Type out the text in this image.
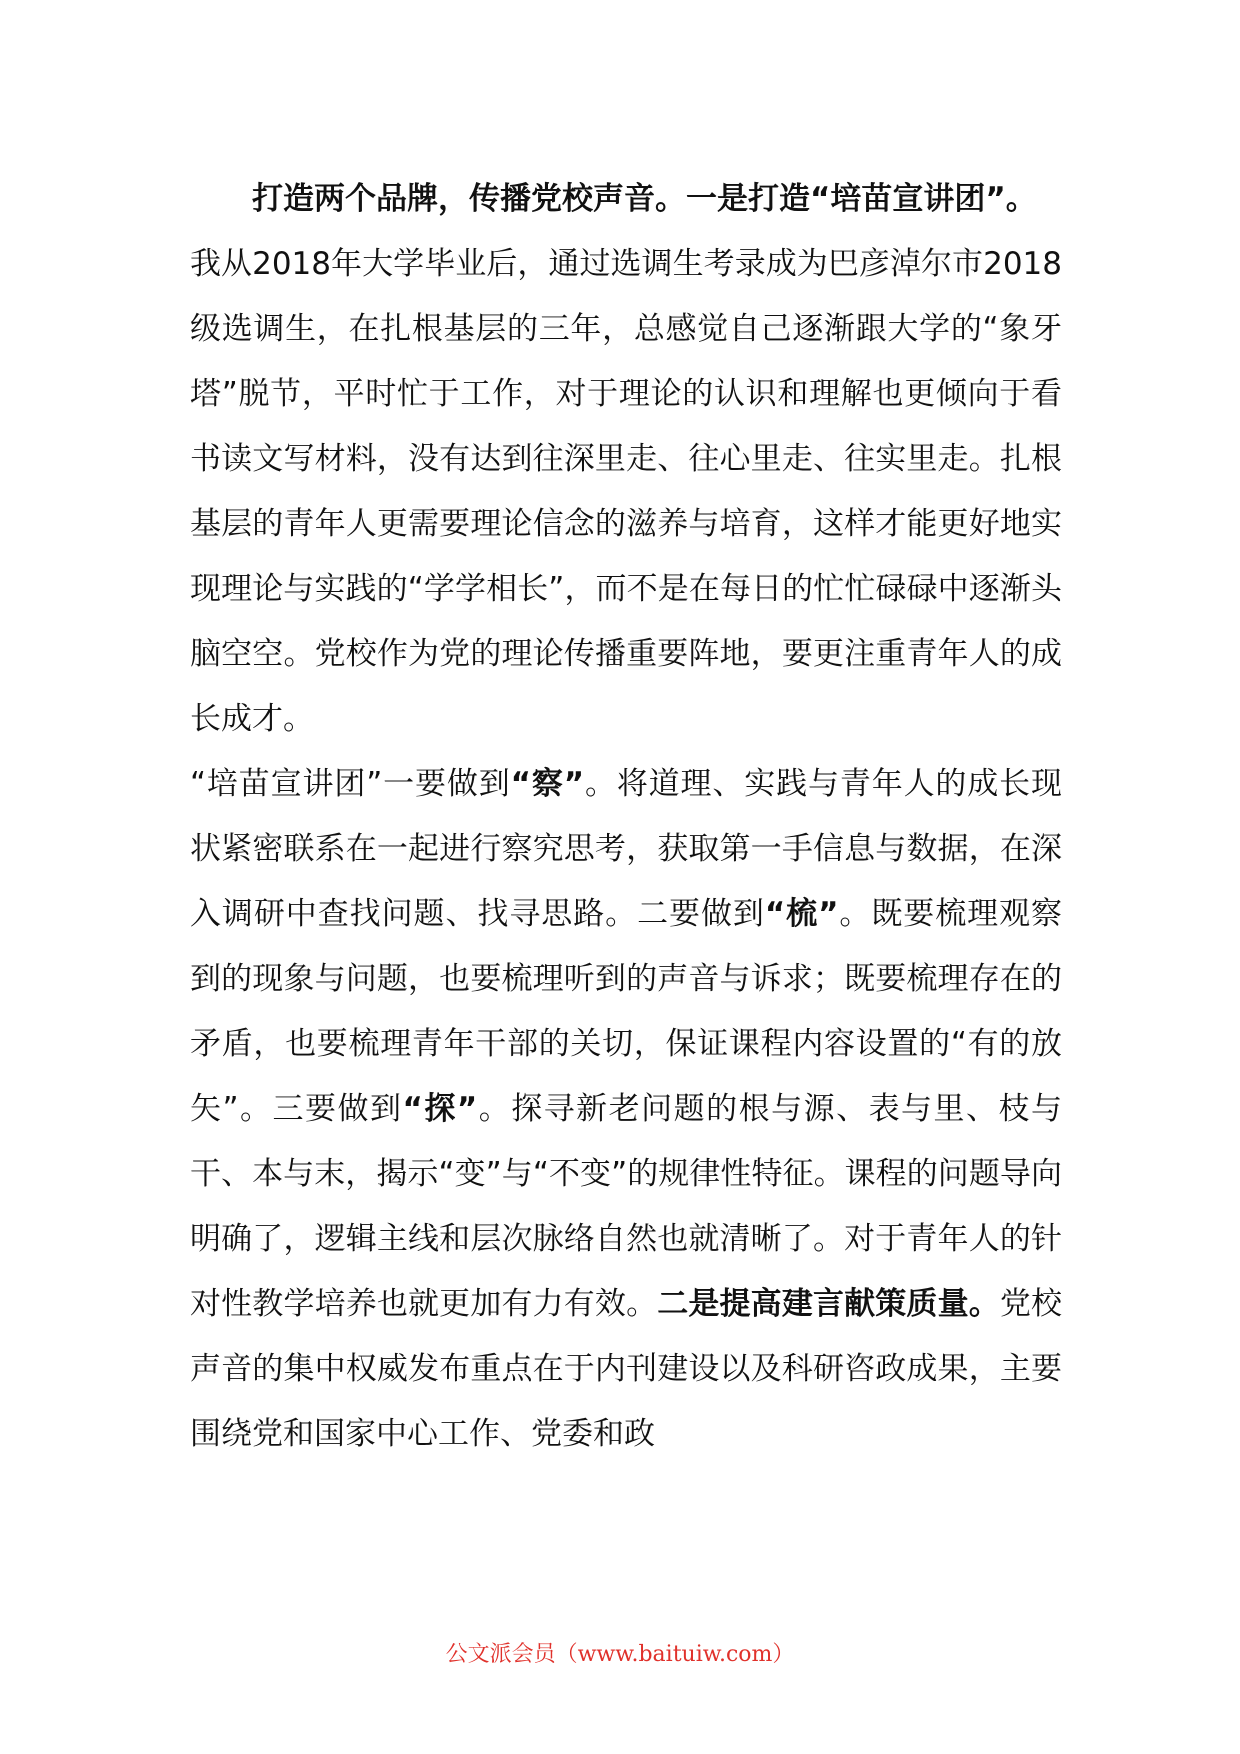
打造两个品牌，传播党校声音。一是打造“培苗宣讲团”。

我从2018年大学毕业后，通过选调生考录成为巴彦淖尔市2018级选调生，在扎根基层的三年，总感觉自己逐渐跟大学的“象牙塔”脱节，平时忙于工作，对于理论的认识和理解也更倾向于看书读文写材料，没有达到往深里走、往心里走、往实里走。扎根基层的青年人更需要理论信念的滋养与培育，这样才能更好地实现理论与实践的“学学相长”，而不是在每日的忙忙碌碌中逐渐头脑空空。党校作为党的理论传播重要阵地，要更注重青年人的成长成才。

“培苗宣讲团”一要做到“察”。将道理、实践与青年人的成长现状紧密联系在一起进行察究思考，获取第一手信息与数据，在深入调研中查找问题、找寻思路。二要做到“梳”。既要梳理观察到的现象与问题，也要梳理听到的声音与诉求；既要梳理存在的矛盾，也要梳理青年干部的关切，保证课程内容设置的“有的放矢”。三要做到“探”。探寻新老问题的根与源、表与里、枝与干、本与末，揭示“变”与“不变”的规律性特征。课程的问题导向明确了，逻辑主线和层次脉络自然也就清晰了。对于青年人的针对性教学培养也就更加有力有效。二是提高建言献策质量。党校声音的集中权威发布重点在于内刊建设以及科研咨政成果，主要围绕党和国家中心工作、党委和政

公文派会员（www.baituiw.com）
